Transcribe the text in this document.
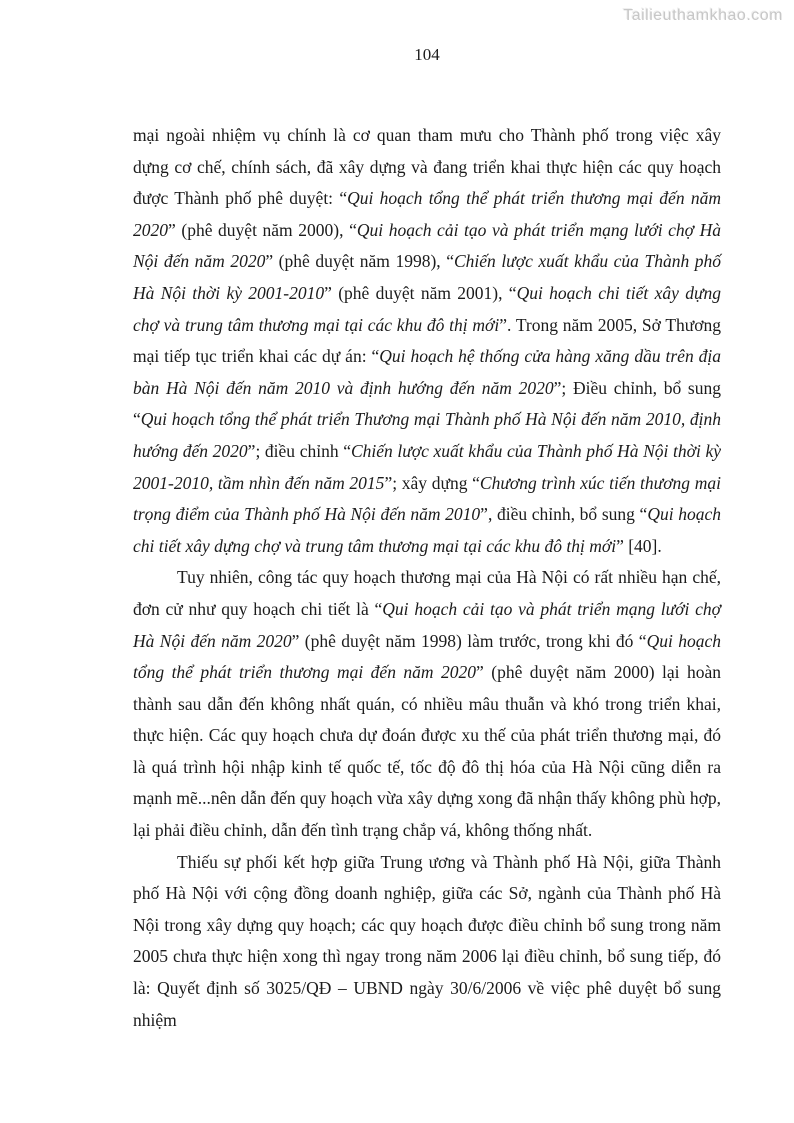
Tailieuthamkhao.com
104

mại ngoài nhiệm vụ chính là cơ quan tham mưu cho Thành phố trong việc xây dựng cơ chế, chính sách, đã xây dựng và đang triển khai thực hiện các quy hoạch được Thành phố phê duyệt: “Qui hoạch tổng thể phát triển thương mại đến năm 2020” (phê duyệt năm 2000), “Qui hoạch cải tạo và phát triển mạng lưới chợ Hà Nội đến năm 2020” (phê duyệt năm 1998), “Chiến lược xuất khẩu của Thành phố Hà Nội thời kỳ 2001-2010” (phê duyệt năm 2001), “Qui hoạch chi tiết xây dựng chợ và trung tâm thương mại tại các khu đô thị mới”. Trong năm 2005, Sở Thương mại tiếp tục triển khai các dự án: “Qui hoạch hệ thống cửa hàng xăng dầu trên địa bàn Hà Nội đến năm 2010 và định hướng đến năm 2020”; Điều chỉnh, bổ sung “Qui hoạch tổng thể phát triển Thương mại Thành phố Hà Nội đến năm 2010, định hướng đến 2020”; điều chỉnh “Chiến lược xuất khẩu của Thành phố Hà Nội thời kỳ 2001-2010, tầm nhìn đến năm 2015”; xây dựng “Chương trình xúc tiến thương mại trọng điểm của Thành phố Hà Nội đến năm 2010”, điều chỉnh, bổ sung “Qui hoạch chi tiết xây dựng chợ và trung tâm thương mại tại các khu đô thị mới” [40].

Tuy nhiên, công tác quy hoạch thương mại của Hà Nội có rất nhiều hạn chế, đơn cử như quy hoạch chi tiết là “Qui hoạch cải tạo và phát triển mạng lưới chợ Hà Nội đến năm 2020” (phê duyệt năm 1998) làm trước, trong khi đó “Qui hoạch tổng thể phát triển thương mại đến năm 2020” (phê duyệt năm 2000) lại hoàn thành sau dẫn đến không nhất quán, có nhiều mâu thuẫn và khó trong triển khai, thực hiện. Các quy hoạch chưa dự đoán được xu thế của phát triển thương mại, đó là quá trình hội nhập kinh tế quốc tế, tốc độ đô thị hóa của Hà Nội cũng diễn ra mạnh mẽ...nên dẫn đến quy hoạch vừa xây dựng xong đã nhận thấy không phù hợp, lại phải điều chỉnh, dẫn đến tình trạng chắp vá, không thống nhất.

Thiếu sự phối kết hợp giữa Trung ương và Thành phố Hà Nội, giữa Thành phố Hà Nội với cộng đồng doanh nghiệp, giữa các Sở, ngành của Thành phố Hà Nội trong xây dựng quy hoạch; các quy hoạch được điều chỉnh bổ sung trong năm 2005 chưa thực hiện xong thì ngay trong năm 2006 lại điều chỉnh, bổ sung tiếp, đó là: Quyết định số 3025/QĐ – UBND ngày 30/6/2006 về việc phê duyệt bổ sung nhiệm
